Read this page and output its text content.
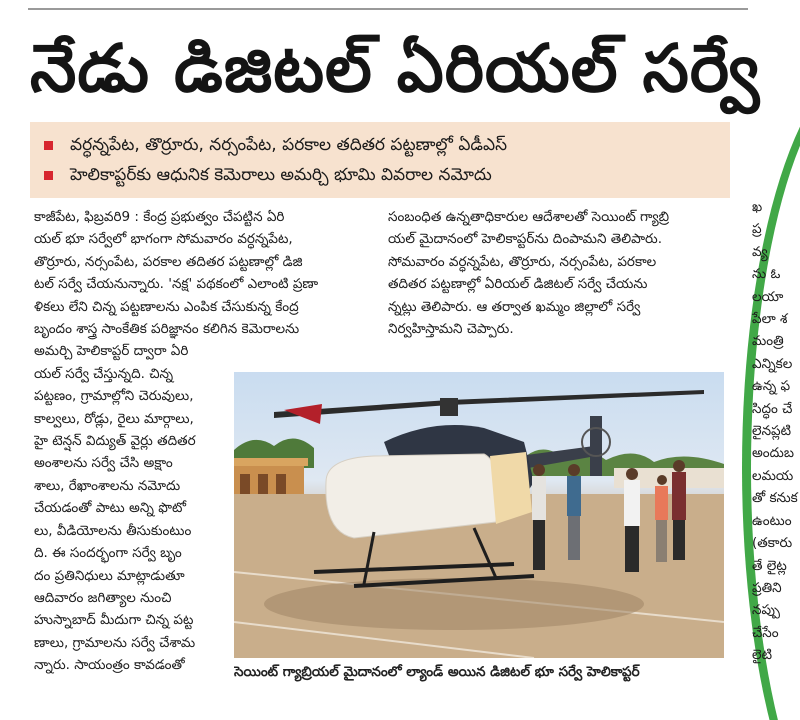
నేడు డిజిటల్ ఏరియల్ సర్వే
వర్ధన్నపేట, తొర్రూరు, నర్సంపేట, పరకాల తదితర పట్టణాల్లో ఏడీఎస్
హెలికాప్టర్‌కు ఆధునిక కెమెరాలు అమర్చి భూమి వివరాల నమోదు

కాజీపేట, ఫిబ్రవరి9 : కేంద్ర ప్రభుత్వం చేపట్టిన ఏరి

యల్ భూ సర్వేలో భాగంగా సోమవారం వర్ధన్నపేట,

తొర్రూరు, నర్సంపేట, పరకాల తదితర పట్టణాల్లో డిజి

టల్ సర్వే చేయనున్నారు. 'నక్ష' పథకంలో ఎలాంటి ప్రణా

ళికలు లేని చిన్న పట్టణాలను ఎంపిక చేసుకున్న కేంద్ర

బృందం శాస్త్ర సాంకేతిక పరిజ్ఞానం కలిగిన కెమెరాలను

అమర్చి హెలికాప్టర్ ద్వారా ఏరి

యల్ సర్వే చేస్తున్నది. చిన్న

పట్టణం, గ్రామాల్లోని చెరువులు,

కాల్వలు, రోడ్లు, రైలు మార్గాలు,

హై టెన్షన్ విద్యుత్ వైర్లు తదితర

అంశాలను సర్వే చేసి అక్షాం

శాలు, రేఖాంశాలను నమోదు

చేయడంతో పాటు అన్ని ఫొటో

లు, వీడియోలను తీసుకుంటుం

ది. ఈ సందర్భంగా సర్వే బృం

దం ప్రతినిధులు మాట్లాడుతూ

ఆదివారం జగిత్యాల నుంచి

హుస్నాబాద్ మీదుగా చిన్న పట్ట

ణాలు, గ్రామాలను సర్వే చేశామ

న్నారు. సాయంత్రం కావడంతో

సంబంధిత ఉన్నతాధికారుల ఆదేశాలతో సెయింట్ గ్యాబ్రి

యల్ మైదానంలో హెలికాప్టర్‌ను దింపామని తెలిపారు.

సోమవారం వర్ధన్నపేట, తొర్రూరు, నర్సంపేట, పరకాల

తదితర పట్టణాల్లో ఏరియల్ డిజిటల్ సర్వే చేయను

న్నట్లు తెలిపారు. ఆ తర్వాత ఖమ్మం జిల్లాలో సర్వే

నిర్వహిస్తామని చెప్పారు.

సెయింట్ గ్యాబ్రియల్ మైదానంలో ల్యాండ్ అయిన డిజిటల్ భూ సర్వే హెలికాప్టర్

ఖ

ప్ర

వ్య

ను ఓ

లయా

పేలా శ

మంత్రి

ఎన్నికల

ఉన్న ఫ

సిద్ధం చే

లైనప్లటి

అందుబ

లమయ

తో కనుక

ఉంటుం

(తకారు

తే లైట్ల

ప్రతిని

నప్పు

చేసేం

లైటి
